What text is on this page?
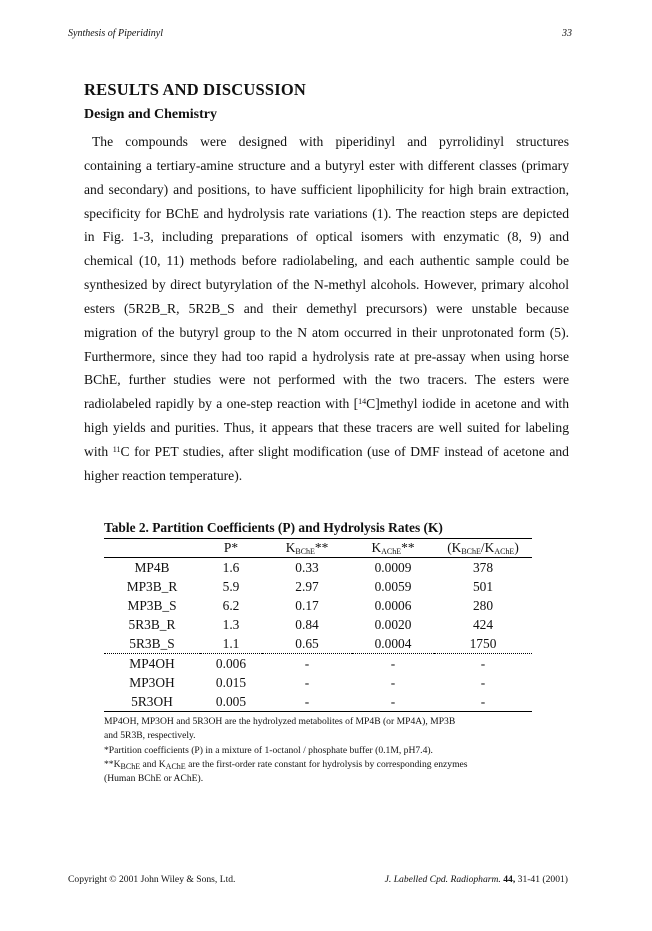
Synthesis of Piperidinyl	33
RESULTS AND DISCUSSION
Design and Chemistry
The compounds were designed with piperidinyl and pyrrolidinyl structures
containing a tertiary-amine structure and a butyryl ester with different classes (primary
and secondary) and positions, to have sufficient lipophilicity for high brain extraction,
specificity for BChE and hydrolysis rate variations (1). The reaction steps are depicted
in Fig. 1-3, including preparations of optical isomers with enzymatic (8, 9) and
chemical (10, 11) methods before radiolabeling, and each authentic sample could be
synthesized by direct butyrylation of the N-methyl alcohols. However, primary alcohol
esters (5R2B_R, 5R2B_S and their demethyl precursors) were unstable because
migration of the butyryl group to the N atom occurred in their unprotonated form (5).
Furthermore, since they had too rapid a hydrolysis rate at pre-assay when using horse
BChE, further studies were not performed with the two tracers. The esters were
radiolabeled rapidly by a one-step reaction with [$^{14}$C]methyl iodide in acetone and with
high yields and purities. Thus, it appears that these tracers are well suited for labeling
with $^{11}$C for PET studies, after slight modification (use of DMF instead of acetone and
higher reaction temperature).
Table 2. Partition Coefficients (P) and Hydrolysis Rates (K)
	P*	$K_{BChE}**$	$K_{AChE}**$	$(K_{BChE}/K_{AChE})$
MP4B	1.6	0.33	0.0009	378
MP3B_R	5.9	2.97	0.0059	501
MP3B_S	6.2	0.17	0.0006	280
5R3B_R	1.3	0.84	0.0020	424
5R3B_S	1.1	0.65	0.0004	1750
MP4OH	0.006	-	-	-
MP3OH	0.015	-	-	-
5R3OH	0.005	-	-	-
MP4OH, MP3OH and 5R3OH are the hydrolyzed metabolites of MP4B (or MP4A), MP3B
and 5R3B, respectively.
*Partition coefficients (P) in a mixture of 1-octanol / phosphate buffer (0.1M, pH7.4).
$**K_{BChE}$ and $K_{AChE}$ are the first-order rate constant for hydrolysis by corresponding enzymes
(Human BChE or AChE).
Copyright © 2001 John Wiley & Sons, Ltd.	J. Labelled Cpd. Radiopharm. 44, 31-41 (2001)
